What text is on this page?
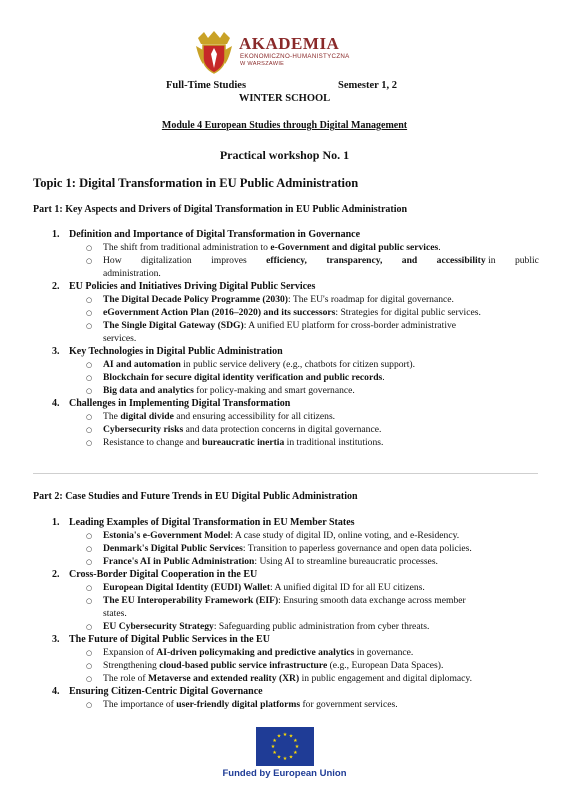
AKADEMIA
EKONOMICZNO-HUMANISTYCZNA
W WARSZAWIE
Full-Time Studies	Semester 1, 2
WINTER SCHOOL
Module 4 European Studies through Digital Management
Practical workshop No. 1
Topic 1: Digital Transformation in EU Public Administration
Part 1: Key Aspects and Drivers of Digital Transformation in EU Public Administration
1. Definition and Importance of Digital Transformation in Governance
○ The shift from traditional administration to e-Government and digital public services.
○ How digitalization improves efficiency, transparency, and accessibility in public
administration.
2. EU Policies and Initiatives Driving Digital Public Services
○ The Digital Decade Policy Programme (2030): The EU's roadmap for digital governance.
○ eGovernment Action Plan (2016–2020) and its successors: Strategies for digital public services.
○ The Single Digital Gateway (SDG): A unified EU platform for cross-border administrative
services.
3. Key Technologies in Digital Public Administration
○ AI and automation in public service delivery (e.g., chatbots for citizen support).
○ Blockchain for secure digital identity verification and public records.
○ Big data and analytics for policy-making and smart governance.
4. Challenges in Implementing Digital Transformation
○ The digital divide and ensuring accessibility for all citizens.
○ Cybersecurity risks and data protection concerns in digital governance.
○ Resistance to change and bureaucratic inertia in traditional institutions.
Part 2: Case Studies and Future Trends in EU Digital Public Administration
1. Leading Examples of Digital Transformation in EU Member States
○ Estonia's e-Government Model: A case study of digital ID, online voting, and e-Residency.
○ Denmark's Digital Public Services: Transition to paperless governance and open data policies.
○ France's AI in Public Administration: Using AI to streamline bureaucratic processes.
2. Cross-Border Digital Cooperation in the EU
○ European Digital Identity (EUDI) Wallet: A unified digital ID for all EU citizens.
○ The EU Interoperability Framework (EIF): Ensuring smooth data exchange across member
states.
○ EU Cybersecurity Strategy: Safeguarding public administration from cyber threats.
3. The Future of Digital Public Services in the EU
○ Expansion of AI-driven policymaking and predictive analytics in governance.
○ Strengthening cloud-based public service infrastructure (e.g., European Data Spaces).
○ The role of Metaverse and extended reality (XR) in public engagement and digital diplomacy.
4. Ensuring Citizen-Centric Digital Governance
○ The importance of user-friendly digital platforms for government services.
★ ★
★
★
★
★
★
★
★
★
★
★
Funded by European Union
